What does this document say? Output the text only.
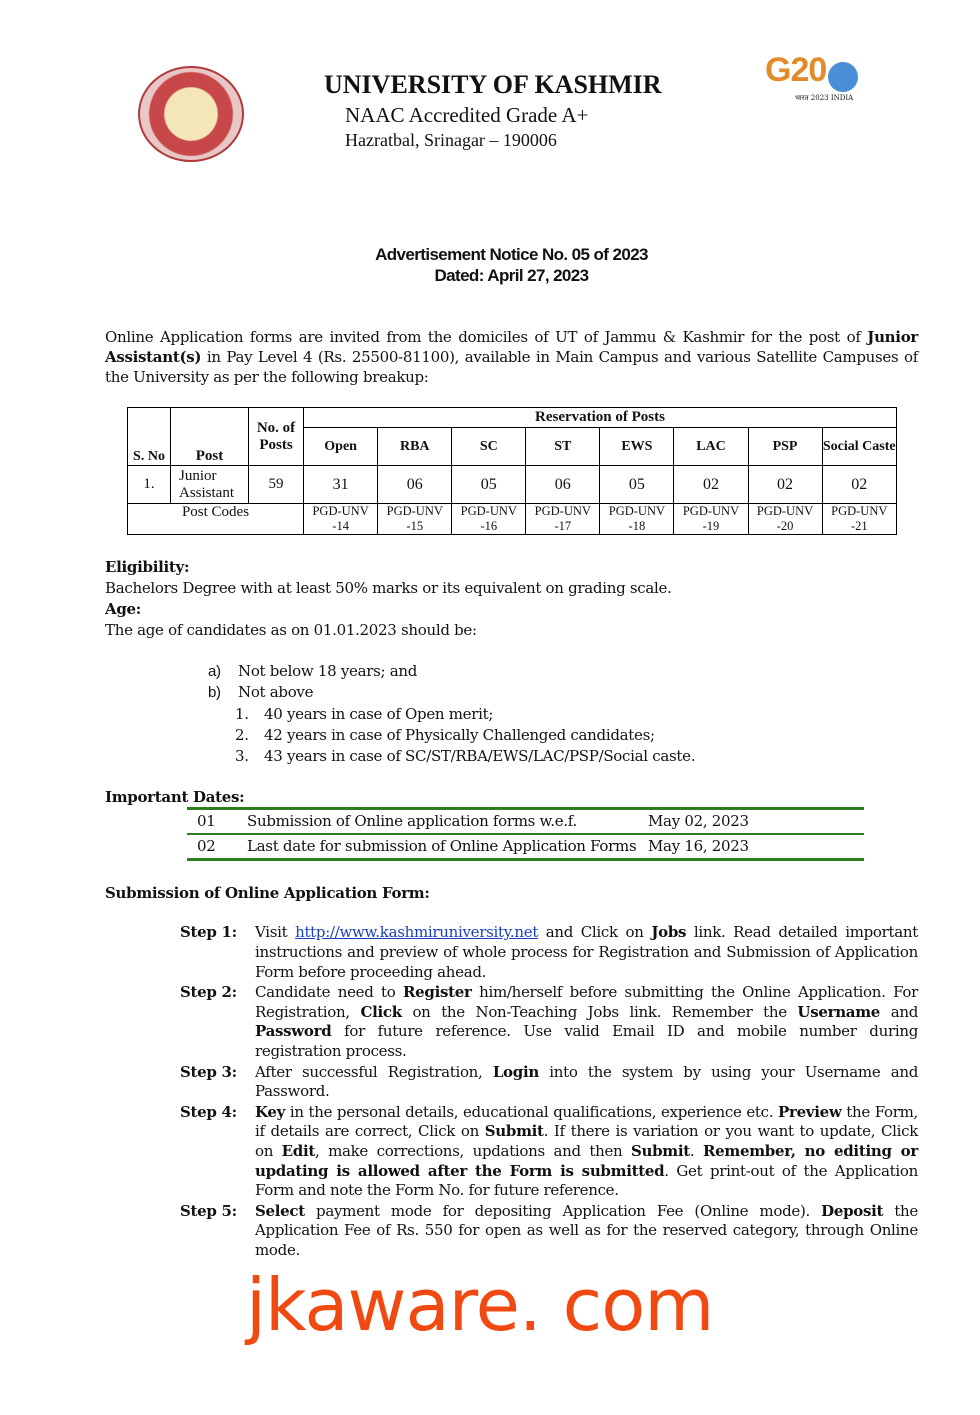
G20
भारत 2023 INDIA
UNIVERSITY OF KASHMIR
NAAC Accredited Grade A+
Hazratbal, Srinagar – 190006
Advertisement Notice No. 05 of 2023
Dated: April 27, 2023

Online Application forms are invited from the domiciles of UT of Jammu & Kashmir for the post of Junior Assistant(s) in Pay Level 4 (Rs. 25500-81100), available in Main Campus and various Satellite Campuses of the University as per the following breakup:

S. No	Post	No. of Posts	Reservation of Posts							
			Open	RBA	SC	ST	EWS	LAC	PSP	Social Caste
1.	Junior Assistant	59	31	06	05	06	05	02	02	02
Post Codes			PGD-UNV -14	PGD-UNV -15	PGD-UNV -16	PGD-UNV -17	PGD-UNV -18	PGD-UNV -19	PGD-UNV -20	PGD-UNV -21
Eligibility:
Bachelors Degree with at least 50% marks or its equivalent on grading scale.
Age:
The age of candidates as on 01.01.2023 should be:
a) Not below 18 years; and
b) Not above
1. 40 years in case of Open merit;
2. 42 years in case of Physically Challenged candidates;
3. 43 years in case of SC/ST/RBA/EWS/LAC/PSP/Social caste.
Important Dates:
01	Submission of Online application forms w.e.f.	May 02, 2023
02	Last date for submission of Online Application Forms May 16, 2023
Submission of Online Application Form:
Step 1:	Visit http://www.kashmiruniversity.net and Click on Jobs link. Read detailed important instructions and preview of whole process for Registration and Submission of Application Form before proceeding ahead.
Step 2:	Candidate need to Register him/herself before submitting the Online Application. For Registration, Click on the Non-Teaching Jobs link. Remember the Username and Password for future reference. Use valid Email ID and mobile number during registration process.
Step 3:	After successful Registration, Login into the system by using your Username and Password.
Step 4:	Key in the personal details, educational qualifications, experience etc. Preview the Form, if details are correct, Click on Submit. If there is variation or you want to update, Click on Edit, make corrections, updations and then Submit. Remember, no editing or updating is allowed after the Form is submitted. Get print-out of the Application Form and note the Form No. for future reference.
Step 5:	Select payment mode for depositing Application Fee (Online mode). Deposit the Application Fee of Rs. 550 for open as well as for the reserved category, through Online mode.
jkaware. com
